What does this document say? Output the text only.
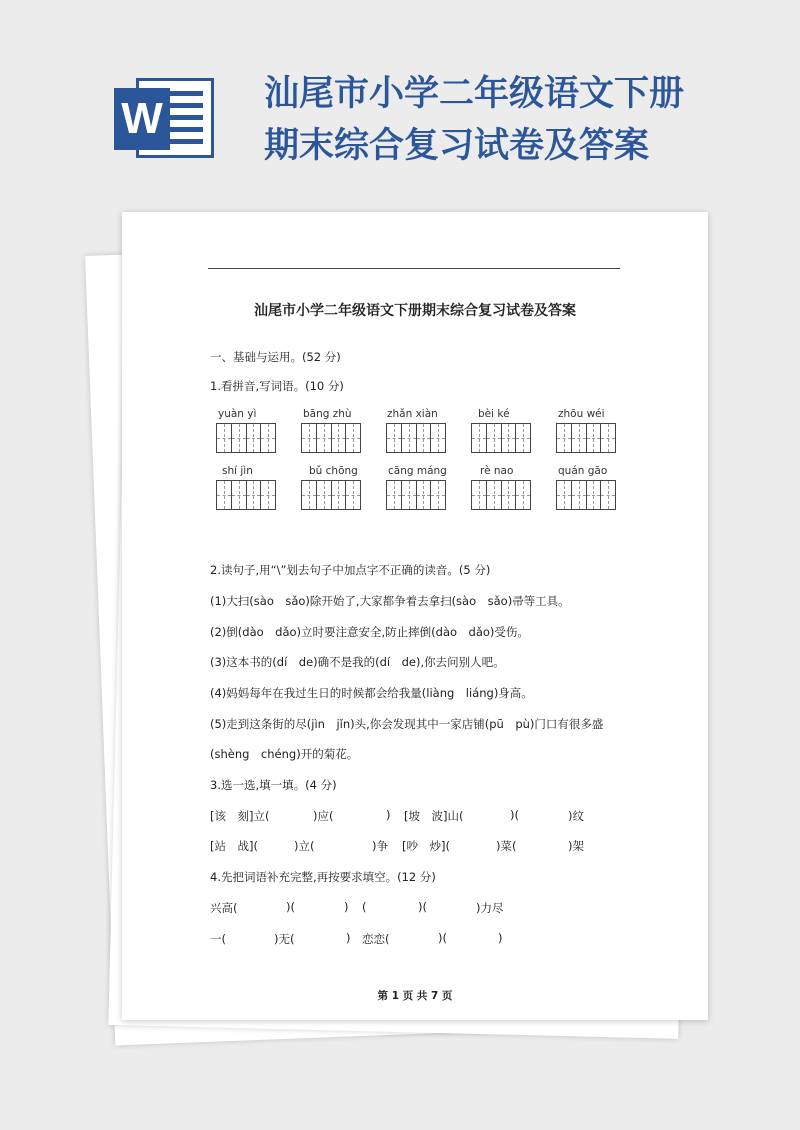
W
汕尾市小学二年级语文下册期末综合复习试卷及答案
汕尾市小学二年级语文下册期末综合复习试卷及答案
一、基础与运用。(52 分)
1.看拼音,写词语。(10 分)
yuàn yì	bāng zhù	zhǎn xiàn	bèi ké	zhōu wéi
shí jìn	bǔ chōng	cāng máng	rè nao	quán gāo
2.读句子,用“\”划去句子中加点字不正确的读音。(5 分)
(1)大扫(sào　sǎo)除开始了,大家都争着去拿扫(sào　sǎo)帚等工具。
(2)倒(dào　dǎo)立时要注意安全,防止摔倒(dào　dǎo)受伤。
(3)这本书的(dí　de)确不是我的(dí　de),你去问别人吧。
(4)妈妈每年在我过生日的时候都会给我量(liàng　liáng)身高。
(5)走到这条街的尽(jìn　jǐn)头,你会发现其中一家店铺(pū　pù)门口有很多盛
(shèng　chéng)开的菊花。
3.选一选,填一填。(4 分)
[该　刻]立(	)应(	) [坡　波]山(	)(	)纹
[站　战](	)立(	)争 [吵　炒](	)菜(	)架
4.先把词语补充完整,再按要求填空。(12 分)
兴高(	)(	) (	)(	)力尽
一(	)无(	) 恋恋(	)(	)
第 1 页 共 7 页
